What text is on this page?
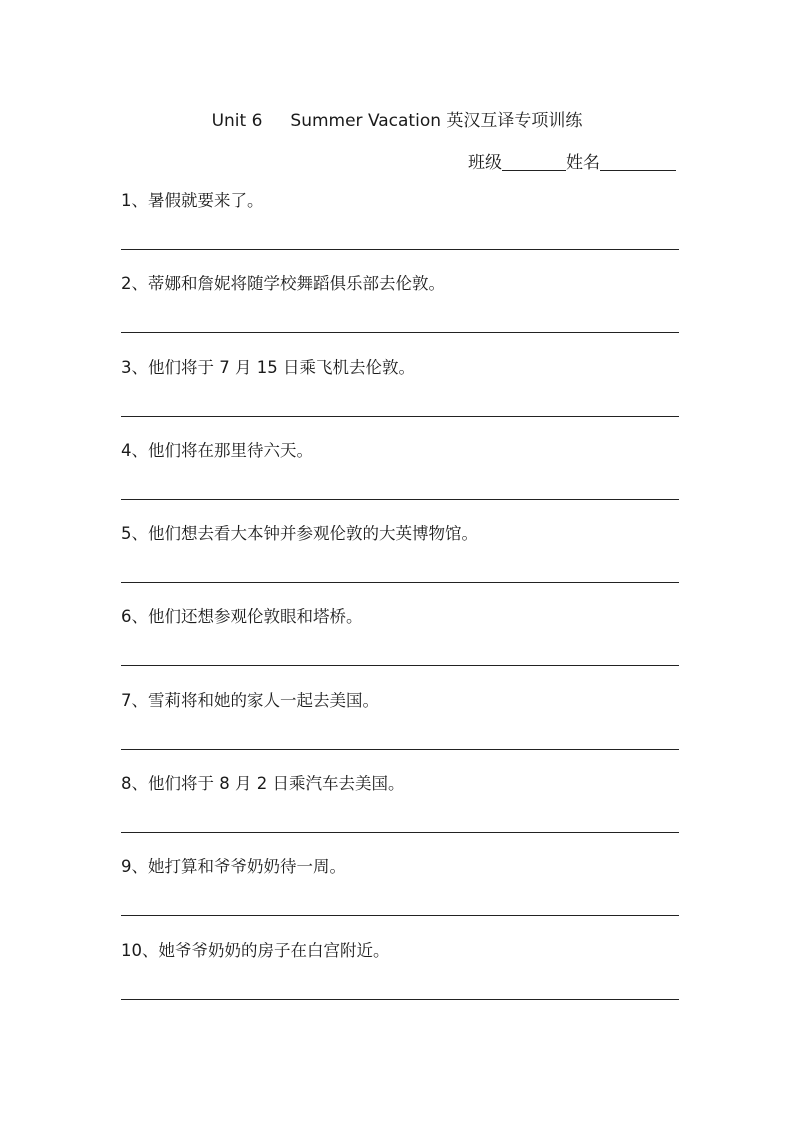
Unit 6 Summer Vacation 英汉互译专项训练
班级	姓名
1、暑假就要来了。
2、蒂娜和詹妮将随学校舞蹈俱乐部去伦敦。
3、他们将于 7 月 15 日乘飞机去伦敦。
4、他们将在那里待六天。
5、他们想去看大本钟并参观伦敦的大英博物馆。
6、他们还想参观伦敦眼和塔桥。
7、雪莉将和她的家人一起去美国。
8、他们将于 8 月 2 日乘汽车去美国。
9、她打算和爷爷奶奶待一周。
10、她爷爷奶奶的房子在白宫附近。
